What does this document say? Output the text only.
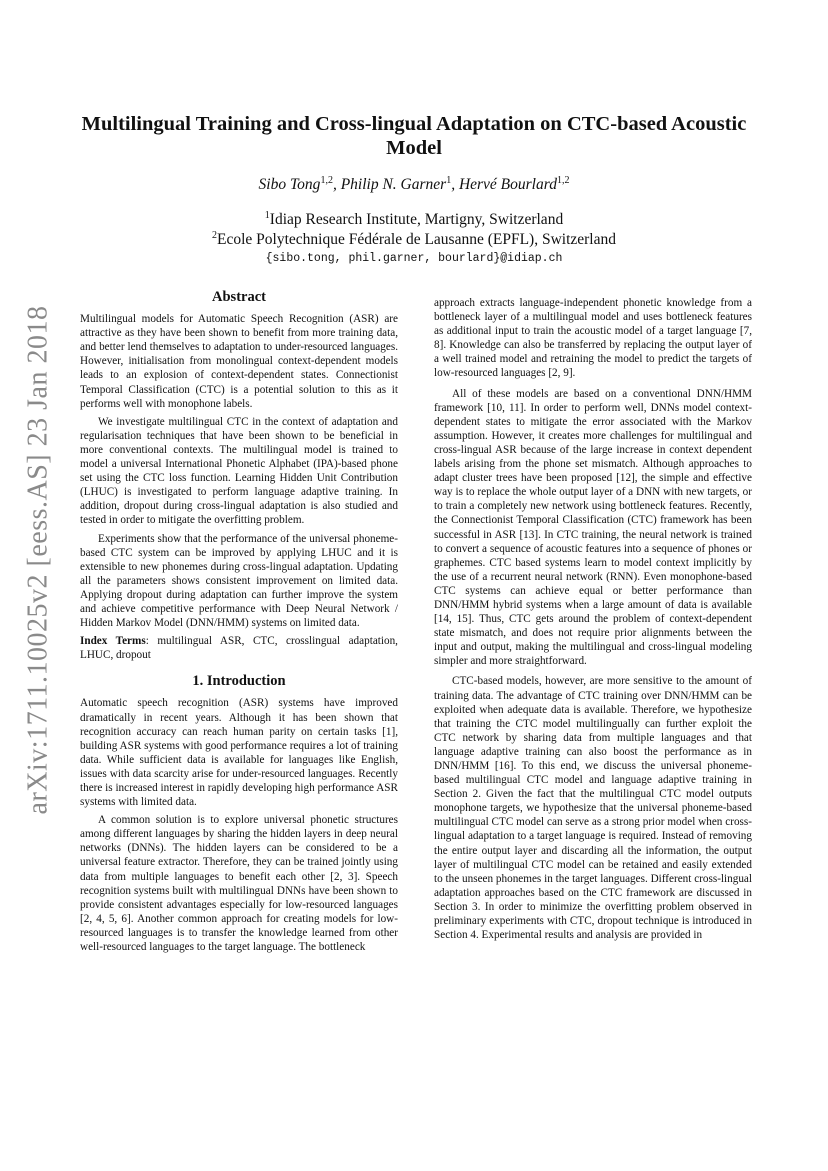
arXiv:1711.10025v2 [eess.AS] 23 Jan 2018
Multilingual Training and Cross-lingual Adaptation on CTC-based Acoustic Model
Sibo Tong$^{1,2}$, Philip N. Garner$^1$, Hervé Bourlard$^{1,2}$
$^1$Idiap Research Institute, Martigny, Switzerland
$^2$Ecole Polytechnique Fédérale de Lausanne (EPFL), Switzerland
{sibo.tong, phil.garner, bourlard}@idiap.ch
Abstract

Multilingual models for Automatic Speech Recognition (ASR) are attractive as they have been shown to benefit from more training data, and better lend themselves to adaptation to under-resourced languages. However, initialisation from monolingual context-dependent models leads to an explosion of context-dependent states. Connectionist Temporal Classification (CTC) is a potential solution to this as it performs well with monophone labels.

We investigate multilingual CTC in the context of adaptation and regularisation techniques that have been shown to be beneficial in more conventional contexts. The multilingual model is trained to model a universal International Phonetic Alphabet (IPA)-based phone set using the CTC loss function. Learning Hidden Unit Contribution (LHUC) is investigated to perform language adaptive training. In addition, dropout during cross-lingual adaptation is also studied and tested in order to mitigate the overfitting problem.

Experiments show that the performance of the universal phoneme-based CTC system can be improved by applying LHUC and it is extensible to new phonemes during cross-lingual adaptation. Updating all the parameters shows consistent improvement on limited data. Applying dropout during adaptation can further improve the system and achieve competitive performance with Deep Neural Network / Hidden Markov Model (DNN/HMM) systems on limited data.

Index Terms: multilingual ASR, CTC, crosslingual adaptation, LHUC, dropout

1. Introduction

Automatic speech recognition (ASR) systems have improved dramatically in recent years. Although it has been shown that recognition accuracy can reach human parity on certain tasks [1], building ASR systems with good performance requires a lot of training data. While sufficient data is available for languages like English, issues with data scarcity arise for under-resourced languages. Recently there is increased interest in rapidly developing high performance ASR systems with limited data.

A common solution is to explore universal phonetic structures among different languages by sharing the hidden layers in deep neural networks (DNNs). The hidden layers can be considered to be a universal feature extractor. Therefore, they can be trained jointly using data from multiple languages to benefit each other [2, 3]. Speech recognition systems built with multilingual DNNs have been shown to provide consistent advantages especially for low-resourced languages [2, 4, 5, 6]. Another common approach for creating models for low-resourced languages is to transfer the knowledge learned from other well-resourced languages to the target language. The bottleneck

approach extracts language-independent phonetic knowledge from a bottleneck layer of a multilingual model and uses bottleneck features as additional input to train the acoustic model of a target language [7, 8]. Knowledge can also be transferred by replacing the output layer of a well trained model and retraining the model to predict the targets of low-resourced languages [2, 9].

All of these models are based on a conventional DNN/HMM framework [10, 11]. In order to perform well, DNNs model context-dependent states to mitigate the error associated with the Markov assumption. However, it creates more challenges for multilingual and cross-lingual ASR because of the large increase in context dependent labels arising from the phone set mismatch. Although approaches to adapt cluster trees have been proposed [12], the simple and effective way is to replace the whole output layer of a DNN with new targets, or to train a completely new network using bottleneck features. Recently, the Connectionist Temporal Classification (CTC) framework has been successful in ASR [13]. In CTC training, the neural network is trained to convert a sequence of acoustic features into a sequence of phones or graphemes. CTC based systems learn to model context implicitly by the use of a recurrent neural network (RNN). Even monophone-based CTC systems can achieve equal or better performance than DNN/HMM hybrid systems when a large amount of data is available [14, 15]. Thus, CTC gets around the problem of context-dependent state mismatch, and does not require prior alignments between the input and output, making the multilingual and cross-lingual modeling simpler and more straightforward.

CTC-based models, however, are more sensitive to the amount of training data. The advantage of CTC training over DNN/HMM can be exploited when adequate data is available. Therefore, we hypothesize that training the CTC model multilingually can further exploit the CTC network by sharing data from multiple languages and that language adaptive training can also boost the performance as in DNN/HMM [16]. To this end, we discuss the universal phoneme-based multilingual CTC model and language adaptive training in Section 2. Given the fact that the multilingual CTC model outputs monophone targets, we hypothesize that the universal phoneme-based multilingual CTC model can serve as a strong prior model when cross-lingual adaptation to a target language is required. Instead of removing the entire output layer and discarding all the information, the output layer of multilingual CTC model can be retained and easily extended to the unseen phonemes in the target languages. Different cross-lingual adaptation approaches based on the CTC framework are discussed in Section 3. In order to minimize the overfitting problem observed in preliminary experiments with CTC, dropout technique is introduced in Section 4. Experimental results and analysis are provided in
